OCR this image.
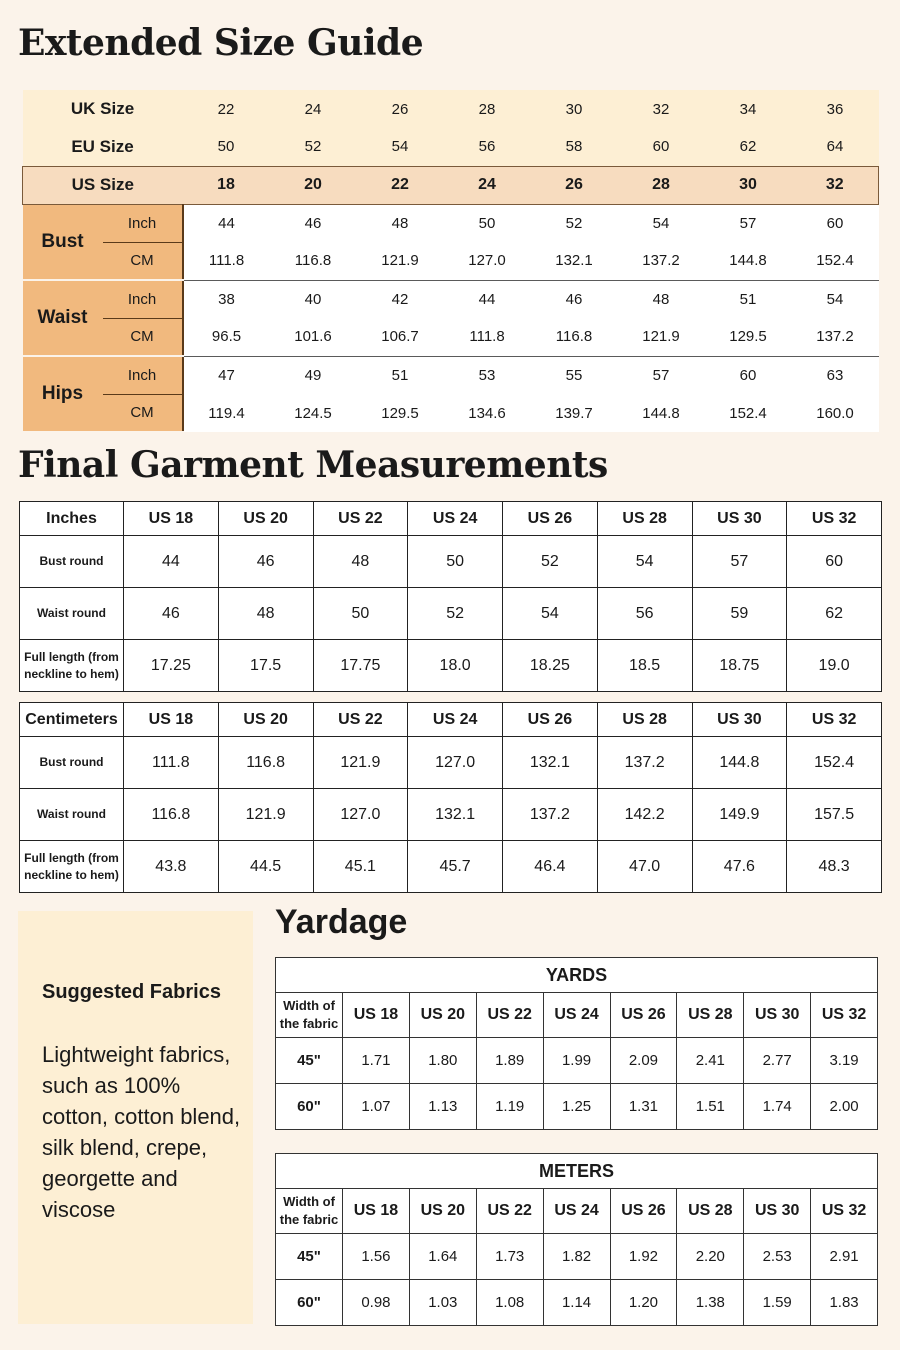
Extended Size Guide
UK Size		22	24	26	28	30	32	34	36
EU Size		50	52	54	56	58	60	62	64
US Size		18	20	22	24	26	28	30	32
Bust	Inch	44	46	48	50	52	54	57	60
	CM	111.8	116.8	121.9	127.0	132.1	137.2	144.8	152.4
Waist	Inch	38	40	42	44	46	48	51	54
	CM	96.5	101.6	106.7	111.8	116.8	121.9	129.5	137.2
Hips	Inch	47	49	51	53	55	57	60	63
	CM	119.4	124.5	129.5	134.6	139.7	144.8	152.4	160.0
Final Garment Measurements
Inches	US 18	US 20	US 22	US 24	US 26	US 28	US 30	US 32
Bust round	44	46	48	50	52	54	57	60
Waist round	46	48	50	52	54	56	59	62
Full length (from neckline to hem)	17.25	17.5	17.75	18.0	18.25	18.5	18.75	19.0
Centimeters	US 18	US 20	US 22	US 24	US 26	US 28	US 30	US 32
Bust round	111.8	116.8	121.9	127.0	132.1	137.2	144.8	152.4
Waist round	116.8	121.9	127.0	132.1	137.2	142.2	149.9	157.5
Full length (from neckline to hem)	43.8	44.5	45.1	45.7	46.4	47.0	47.6	48.3
Suggested Fabrics

Lightweight fabrics, such as 100% cotton, cotton blend, silk blend, crepe, georgette and viscose

Yardage
YARDS								
Width of the fabric	US 18	US 20	US 22	US 24	US 26	US 28	US 30	US 32
45"	1.71	1.80	1.89	1.99	2.09	2.41	2.77	3.19
60"	1.07	1.13	1.19	1.25	1.31	1.51	1.74	2.00
METERS								
Width of the fabric	US 18	US 20	US 22	US 24	US 26	US 28	US 30	US 32
45"	1.56	1.64	1.73	1.82	1.92	2.20	2.53	2.91
60"	0.98	1.03	1.08	1.14	1.20	1.38	1.59	1.83
